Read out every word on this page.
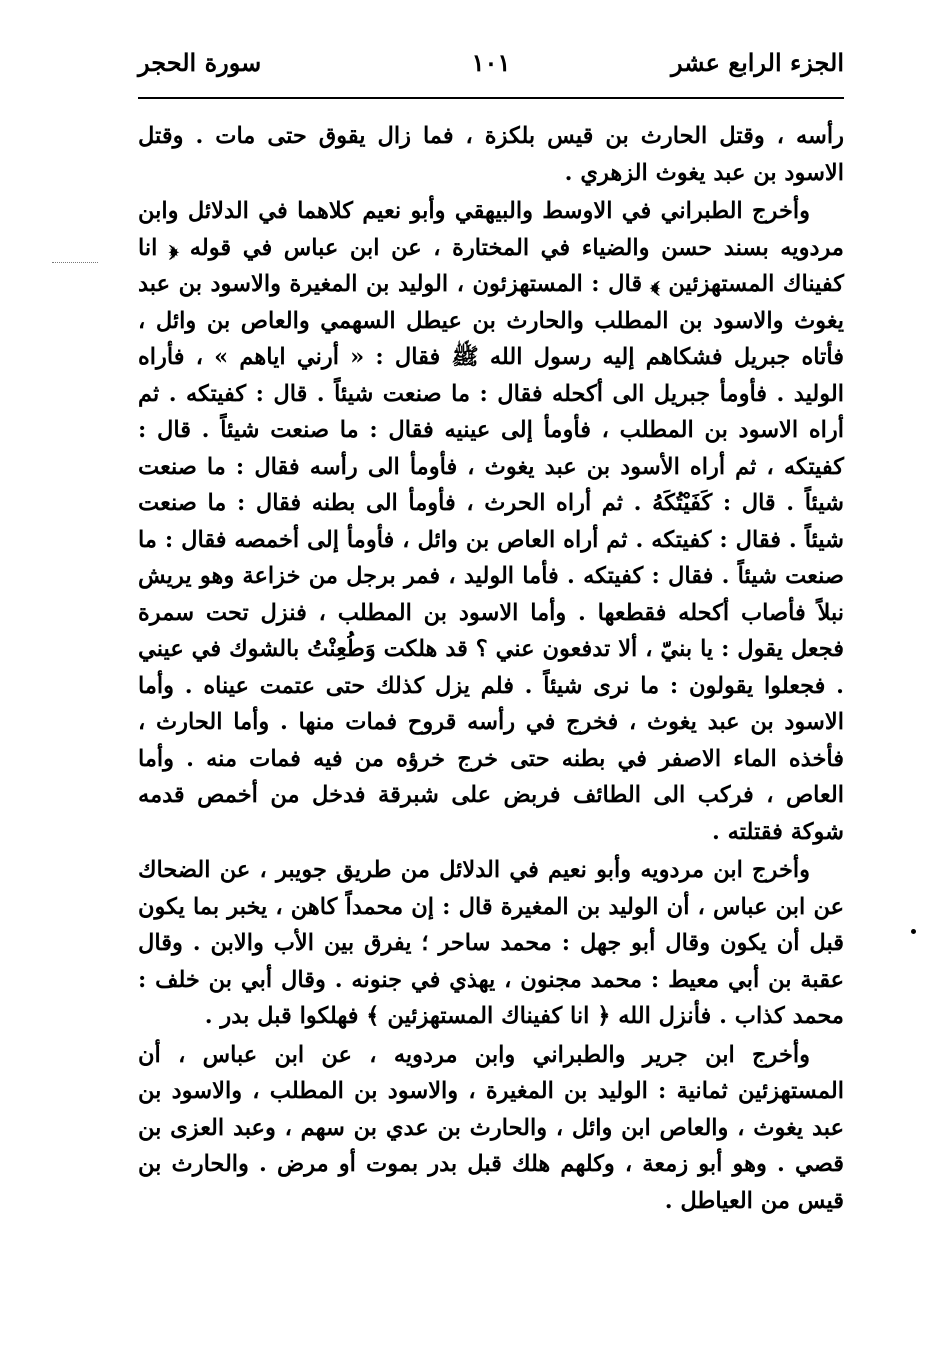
الجزء الرابع عشر
١٠١
سورة الحجر

رأسه ، وقتل الحارث بن قيس بلكزة ، فما زال يقوق حتى مات . وقتل الاسود بن عبد يغوث الزهري .

وأخرج الطبراني في الاوسط والبيهقي وأبو نعيم كلاهما في الدلائل وابن مردويه بسند حسن والضياء في المختارة ، عن ابن عباس في قوله ﴿ انا كفيناك المستهزئين ﴾ قال : المستهزئون ، الوليد بن المغيرة والاسود بن عبد يغوث والاسود بن المطلب والحارث بن عيطل السهمي والعاص بن وائل ، فأتاه جبريل فشكاهم إليه رسول الله ﷺ فقال : « أرني اياهم » ، فأراه الوليد . فأومأ جبريل الى أكحله فقال : ما صنعت شيئاً . قال : كفيتكه . ثم أراه الاسود بن المطلب ، فأومأ إلى عينيه فقال : ما صنعت شيئاً . قال : كفيتكه ، ثم أراه الأسود بن عبد يغوث ، فأومأ الى رأسه فقال : ما صنعت شيئاً . قال : كَفَيْتُكَهُ . ثم أراه الحرث ، فأومأ الى بطنه فقال : ما صنعت شيئاً . فقال : كفيتكه . ثم أراه العاص بن وائل ، فأومأ إلى أخمصه فقال : ما صنعت شيئاً . فقال : كفيتكه . فأما الوليد ، فمر برجل من خزاعة وهو يريش نبلاً فأصاب أكحله فقطعها . وأما الاسود بن المطلب ، فنزل تحت سمرة فجعل يقول : يا بنيّ ، ألا تدفعون عني ؟ قد هلكت وَطُعِنْتُ بالشوك في عيني . فجعلوا يقولون : ما نرى شيئاً . فلم يزل كذلك حتى عتمت عيناه . وأما الاسود بن عبد يغوث ، فخرج في رأسه قروح فمات منها . وأما الحارث ، فأخذه الماء الاصفر في بطنه حتى خرج خرؤه من فيه فمات منه . وأما العاص ، فركب الى الطائف فربض على شبرقة فدخل من أخمص قدمه شوكة فقتلته .

وأخرج ابن مردويه وأبو نعيم في الدلائل من طريق جويبر ، عن الضحاك عن ابن عباس ، أن الوليد بن المغيرة قال : إن محمداً كاهن ، يخبر بما يكون قبل أن يكون وقال أبو جهل : محمد ساحر ؛ يفرق بين الأب والابن . وقال عقبة بن أبي معيط : محمد مجنون ، يهذي في جنونه . وقال أبي بن خلف : محمد كذاب . فأنزل الله ﴿ انا كفيناك المستهزئين ﴾ فهلكوا قبل بدر .

وأخرج ابن جرير والطبراني وابن مردويه ، عن ابن عباس ، أن المستهزئين ثمانية : الوليد بن المغيرة ، والاسود بن المطلب ، والاسود بن عبد يغوث ، والعاص ابن وائل ، والحارث بن عدي بن سهم ، وعبد العزى بن قصي . وهو أبو زمعة ، وكلهم هلك قبل بدر بموت أو مرض . والحارث بن قيس من العياطل .
